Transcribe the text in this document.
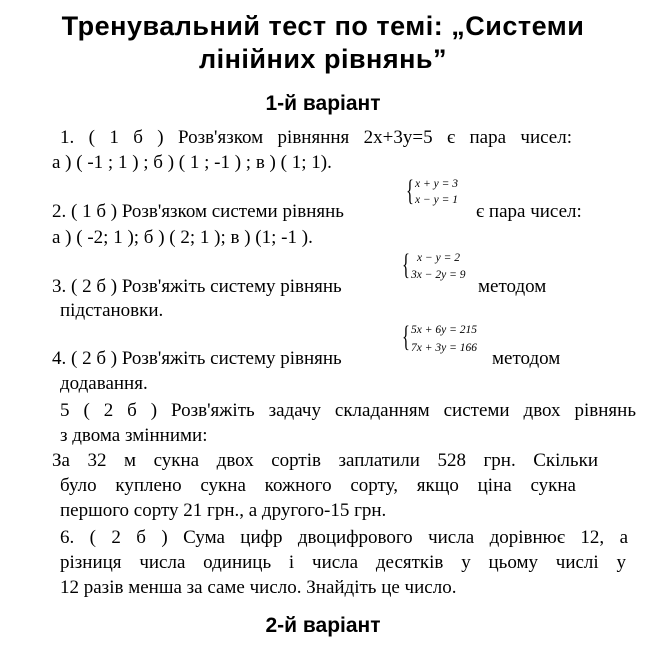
Тренувальний тест по темі: „Системи
лінійних рівнянь”
1-й варіант
1. ( 1 б ) Розв'язком рівняння 2х+3у=5 є пара чисел:
а ) ( -1 ; 1 ) ; б ) ( 1 ; -1 ) ; в ) ( 1; 1).
2. ( 1 б ) Розв'язком системи рівнянь
{ x + y = 3
x − y = 1
є пара чисел:
а ) ( -2; 1 ); б ) ( 2; 1 ); в ) (1; -1 ).
3. ( 2 б ) Розв'яжіть систему рівнянь
{ x − y = 2
3x − 2y = 9
методом
підстановки.
4. ( 2 б ) Розв'яжіть систему рівнянь
{ 5x + 6y = 215
7x + 3y = 166 методом
додавання.
5 ( 2 б ) Розв'яжіть задачу складанням системи двох рівнянь
з двома змінними:
За 32 м сукна двох сортів заплатили 528 грн. Скільки
було куплено сукна кожного сорту, якщо ціна сукна
першого сорту 21 грн., а другого-15 грн.
6. ( 2 б ) Сума цифр двоцифрового числа дорівнює 12, а
різниця числа одиниць і числа десятків у цьому числі у
12 разів менша за саме число. Знайдіть це число.
2-й варіант
